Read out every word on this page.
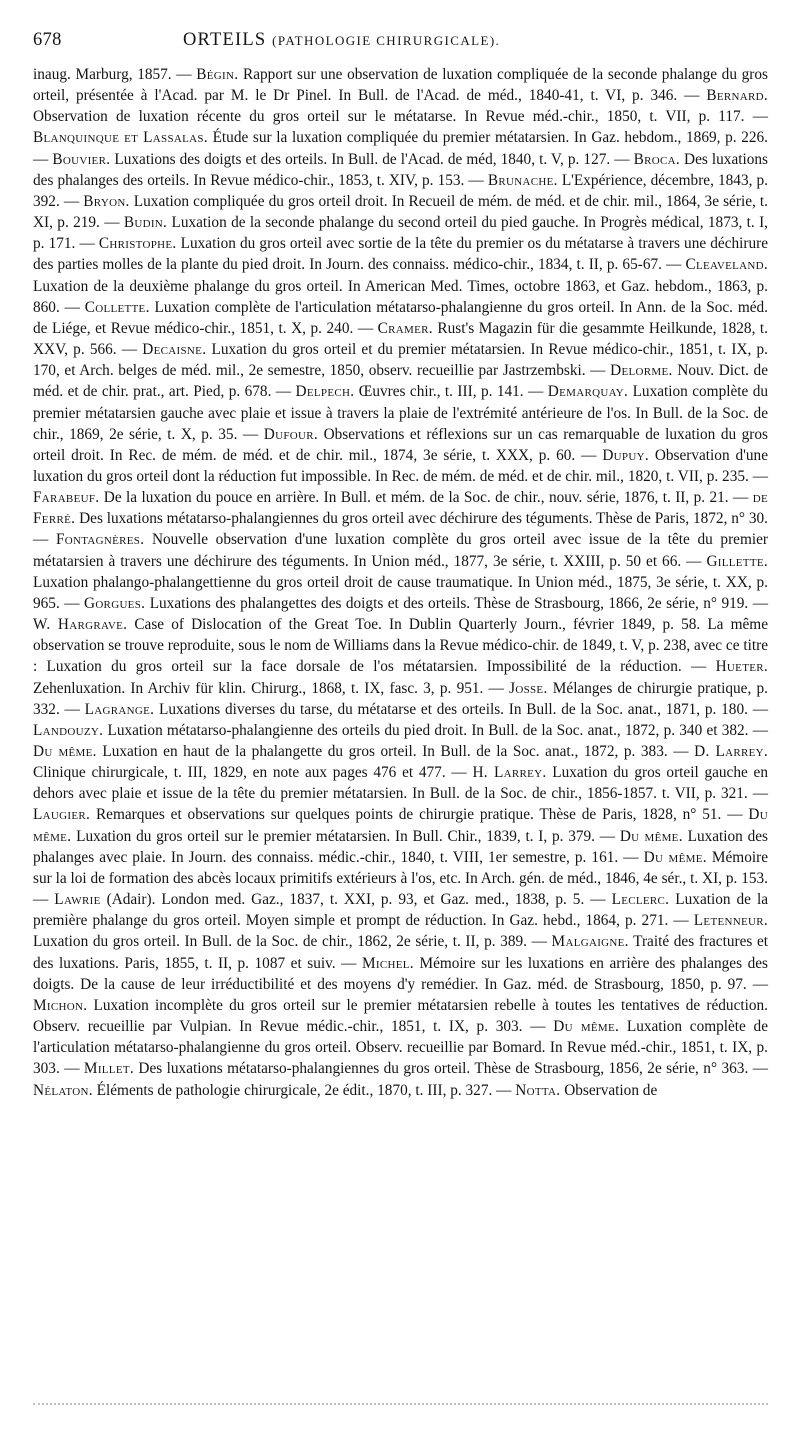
678	ORTEILS (PATHOLOGIE CHIRURGICALE).

inaug. Marburg, 1857. — Bégin. Rapport sur une observation de luxation compliquée de la seconde phalange du gros orteil, présentée à l'Acad. par M. le Dr Pinel. In Bull. de l'Acad. de méd., 1840-41, t. VI, p. 346. — Bernard. Observation de luxation récente du gros orteil sur le métatarse. In Revue méd.-chir., 1850, t. VII, p. 117. — Blanquinque et Lassalas. Étude sur la luxation compliquée du premier métatarsien. In Gaz. hebdom., 1869, p. 226. — Bouvier. Luxations des doigts et des orteils. In Bull. de l'Acad. de méd, 1840, t. V, p. 127. — Broca. Des luxations des phalanges des orteils. In Revue médico-chir., 1853, t. XIV, p. 153. — Brunache. L'Expérience, décembre, 1843, p. 392. — Bryon. Luxation compliquée du gros orteil droit. In Recueil de mém. de méd. et de chir. mil., 1864, 3e série, t. XI, p. 219. — Budin. Luxation de la seconde phalange du second orteil du pied gauche. In Progrès médical, 1873, t. I, p. 171. — Christophe. Luxation du gros orteil avec sortie de la tête du premier os du métatarse à travers une déchirure des parties molles de la plante du pied droit. In Journ. des connaiss. médico-chir., 1834, t. II, p. 65-67. — Cleaveland. Luxation de la deuxième phalange du gros orteil. In American Med. Times, octobre 1863, et Gaz. hebdom., 1863, p. 860. — Collette. Luxation complète de l'articulation métatarso-phalangienne du gros orteil. In Ann. de la Soc. méd. de Liége, et Revue médico-chir., 1851, t. X, p. 240. — Cramer. Rust's Magazin für die gesammte Heilkunde, 1828, t. XXV, p. 566. — Decaisne. Luxation du gros orteil et du premier métatarsien. In Revue médico-chir., 1851, t. IX, p. 170, et Arch. belges de méd. mil., 2e semestre, 1850, observ. recueillie par Jastrzembski. — Delorme. Nouv. Dict. de méd. et de chir. prat., art. Pied, p. 678. — Delpech. Œuvres chir., t. III, p. 141. — Demarquay. Luxation complète du premier métatarsien gauche avec plaie et issue à travers la plaie de l'extrémité antérieure de l'os. In Bull. de la Soc. de chir., 1869, 2e série, t. X, p. 35. — Dufour. Observations et réflexions sur un cas remarquable de luxation du gros orteil droit. In Rec. de mém. de méd. et de chir. mil., 1874, 3e série, t. XXX, p. 60. — Dupuy. Observation d'une luxation du gros orteil dont la réduction fut impossible. In Rec. de mém. de méd. et de chir. mil., 1820, t. VII, p. 235. — Farabeuf. De la luxation du pouce en arrière. In Bull. et mém. de la Soc. de chir., nouv. série, 1876, t. II, p. 21. — de Ferré. Des luxations métatarso-phalangiennes du gros orteil avec déchirure des téguments. Thèse de Paris, 1872, n° 30. — Fontagnères. Nouvelle observation d'une luxation complète du gros orteil avec issue de la tête du premier métatarsien à travers une déchirure des téguments. In Union méd., 1877, 3e série, t. XXIII, p. 50 et 66. — Gillette. Luxation phalango-phalangettienne du gros orteil droit de cause traumatique. In Union méd., 1875, 3e série, t. XX, p. 965. — Gorgues. Luxations des phalangettes des doigts et des orteils. Thèse de Strasbourg, 1866, 2e série, n° 919. — W. Hargrave. Case of Dislocation of the Great Toe. In Dublin Quarterly Journ., février 1849, p. 58. La même observation se trouve reproduite, sous le nom de Williams dans la Revue médico-chir. de 1849, t. V, p. 238, avec ce titre : Luxation du gros orteil sur la face dorsale de l'os métatarsien. Impossibilité de la réduction. — Hueter. Zehenluxation. In Archiv für klin. Chirurg., 1868, t. IX, fasc. 3, p. 951. — Josse. Mélanges de chirurgie pratique, p. 332. — Lagrange. Luxations diverses du tarse, du métatarse et des orteils. In Bull. de la Soc. anat., 1871, p. 180. — Landouzy. Luxation métatarso-phalangienne des orteils du pied droit. In Bull. de la Soc. anat., 1872, p. 340 et 382. — Du même. Luxation en haut de la phalangette du gros orteil. In Bull. de la Soc. anat., 1872, p. 383. — D. Larrey. Clinique chirurgicale, t. III, 1829, en note aux pages 476 et 477. — H. Larrey. Luxation du gros orteil gauche en dehors avec plaie et issue de la tête du premier métatarsien. In Bull. de la Soc. de chir., 1856-1857. t. VII, p. 321. — Laugier. Remarques et observations sur quelques points de chirurgie pratique. Thèse de Paris, 1828, n° 51. — Du même. Luxation du gros orteil sur le premier métatarsien. In Bull. Chir., 1839, t. I, p. 379. — Du même. Luxation des phalanges avec plaie. In Journ. des connaiss. médic.-chir., 1840, t. VIII, 1er semestre, p. 161. — Du même. Mémoire sur la loi de formation des abcès locaux primitifs extérieurs à l'os, etc. In Arch. gén. de méd., 1846, 4e sér., t. XI, p. 153. — Lawrie (Adair). London med. Gaz., 1837, t. XXI, p. 93, et Gaz. med., 1838, p. 5. — Leclerc. Luxation de la première phalange du gros orteil. Moyen simple et prompt de réduction. In Gaz. hebd., 1864, p. 271. — Letenneur. Luxation du gros orteil. In Bull. de la Soc. de chir., 1862, 2e série, t. II, p. 389. — Malgaigne. Traité des fractures et des luxations. Paris, 1855, t. II, p. 1087 et suiv. — Michel. Mémoire sur les luxations en arrière des phalanges des doigts. De la cause de leur irréductibilité et des moyens d'y remédier. In Gaz. méd. de Strasbourg, 1850, p. 97. — Michon. Luxation incomplète du gros orteil sur le premier métatarsien rebelle à toutes les tentatives de réduction. Observ. recueillie par Vulpian. In Revue médic.-chir., 1851, t. IX, p. 303. — Du même. Luxation complète de l'articulation métatarso-phalangienne du gros orteil. Observ. recueillie par Bomard. In Revue méd.-chir., 1851, t. IX, p. 303. — Millet. Des luxations métatarso-phalangiennes du gros orteil. Thèse de Strasbourg, 1856, 2e série, n° 363. — Nélaton. Éléments de pathologie chirurgicale, 2e édit., 1870, t. III, p. 327. — Notta. Observation de
